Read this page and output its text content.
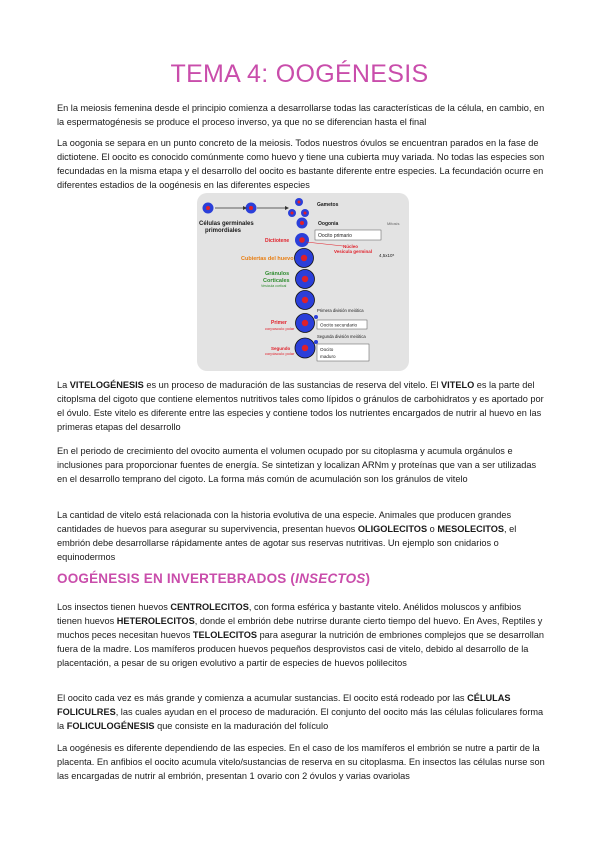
TEMA 4: OOGÉNESIS

En la meiosis femenina desde el principio comienza a desarrollarse todas las características de la célula, en cambio, en la espermatogénesis se produce el proceso inverso, ya que no se diferencian hasta el final

La oogonia se separa en un punto concreto de la meiosis. Todos nuestros óvulos se encuentran parados en la fase de dictiotene. El oocito es conocido comúnmente como huevo y tiene una cubierta muy variada. No todas las especies son fecundadas en la misma etapa y el desarrollo del oocito es bastante diferente entre especies. La fecundación ocurre en diferentes estadios de la oogénesis en las diferentes especies

Células germinales
primordiales
Gametos
Oogonia	Mitosis
Oocito primario
Dictiotene
Núcleo
Vesícula germinal
Cubiertas del huevo
4,5x10⁵
Gránulos
Corticales
Vesícula cortical
Primera división meiótica
Primer
corpusculo polar
Oocito secundario
Segunda división meiótica
Segundo
corpúsculo polar
Oocito
maduro

La VITELOGÉNESIS es un proceso de maduración de las sustancias de reserva del vitelo. El VITELO es la parte del citoplsma del cigoto que contiene elementos nutritivos tales como lípidos o gránulos de carbohidratos y es aportado por el óvulo. Este vitelo es diferente entre las especies y contiene todos los nutrientes encargados de nutrir al huevo en las primeras etapas del desarrollo

En el periodo de crecimiento del ovocito aumenta el volumen ocupado por su citoplasma y acumula orgánulos e inclusiones para proporcionar fuentes de energía. Se sintetizan y localizan ARNm y proteínas que van a ser utilizadas en el desarrollo temprano del cigoto. La forma más común de acumulación son los gránulos de vitelo

La cantidad de vitelo está relacionada con la historia evolutiva de una especie. Animales que producen grandes cantidades de huevos para asegurar su supervivencia, presentan huevos OLIGOLECITOS o MESOLECITOS, el embrión debe desarrollarse rápidamente antes de agotar sus reservas nutritivas. Un ejemplo son cnidarios o equinodermos

OOGÉNESIS EN INVERTEBRADOS (INSECTOS)

Los insectos tienen huevos CENTROLECITOS, con forma esférica y bastante vitelo. Anélidos moluscos y anfibios tienen huevos HETEROLECITOS, donde el embrión debe nutrirse durante cierto tiempo del huevo. En Aves, Reptiles y muchos peces necesitan huevos TELOLECITOS para asegurar la nutrición de embriones complejos que se desarrollan fuera de la madre. Los mamíferos producen huevos pequeños desprovistos casi de vitelo, debido al desarrollo de la placentación, a pesar de su origen evolutivo a partir de especies de huevos polilecitos

El oocito cada vez es más grande y comienza a acumular sustancias. El oocito está rodeado por las CÉLULAS FOLICULRES, las cuales ayudan en el proceso de maduración. El conjunto del oocito más las células foliculares forma la FOLICULOGÉNESIS que consiste en la maduración del folículo

La oogénesis es diferente dependiendo de las especies. En el caso de los mamíferos el embrión se nutre a partir de la placenta. En anfibios el oocito acumula vitelo/sustancias de reserva en su citoplasma. En insectos las células nurse son las encargadas de nutrir al embrión, presentan 1 ovario con 2 óvulos y varias ovariolas
